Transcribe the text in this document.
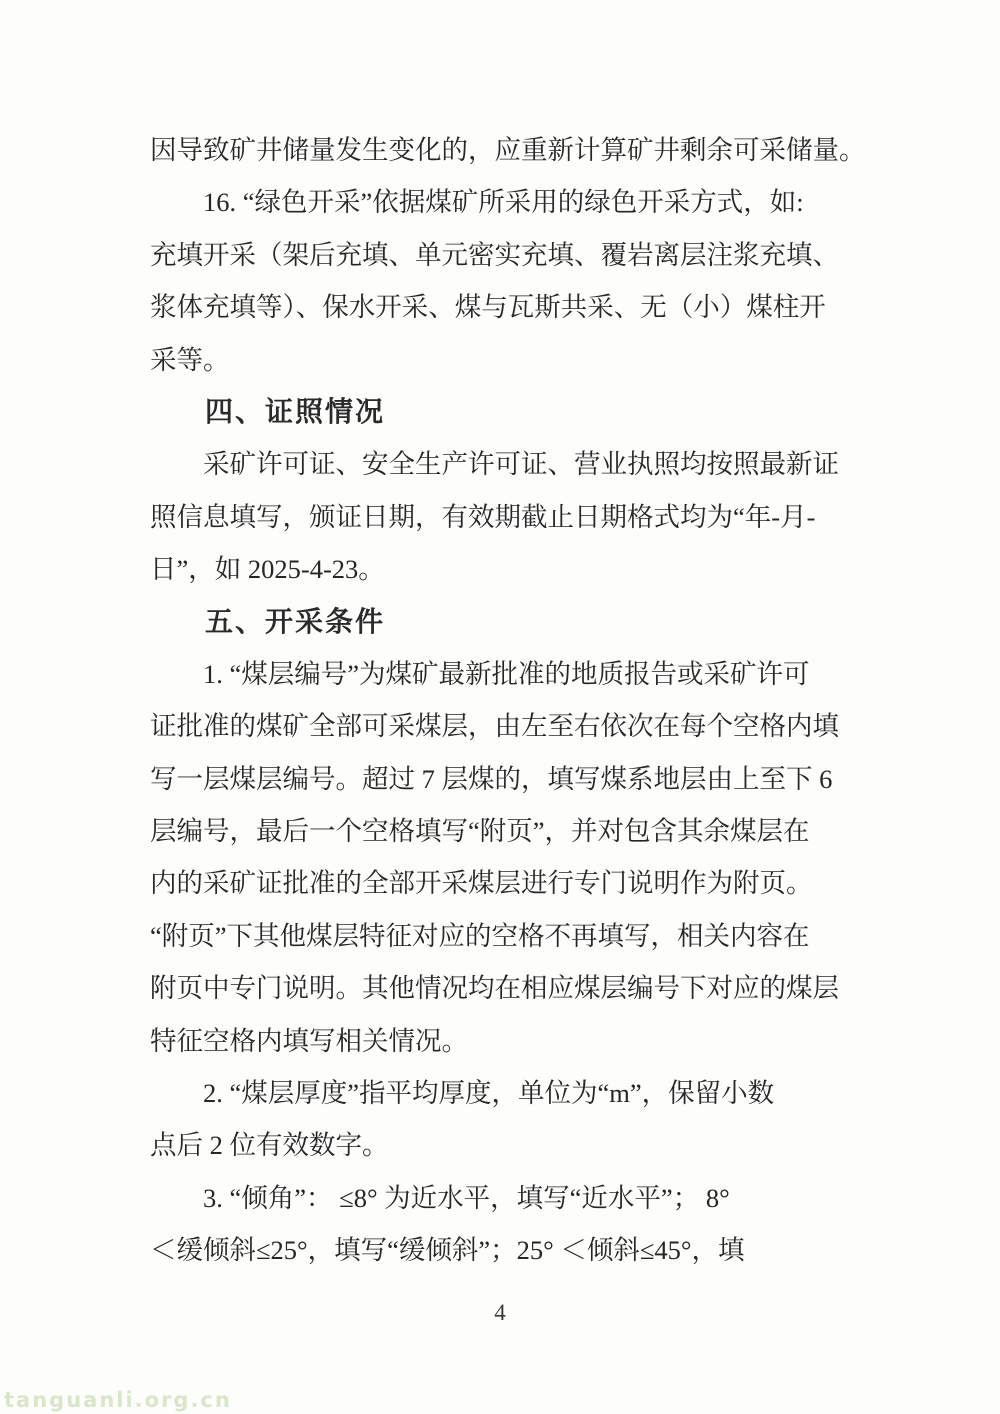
因导致矿井储量发生变化的，应重新计算矿井剩余可采储量。
16. “绿色开采”依据煤矿所采用的绿色开采方式，如:
充填开采（架后充填、单元密实充填、覆岩离层注浆充填、
浆体充填等）、保水开采、煤与瓦斯共采、无（小）煤柱开
采等。
四、证照情况
采矿许可证、安全生产许可证、营业执照均按照最新证
照信息填写，颁证日期，有效期截止日期格式均为“年-月-
日”，如 2025-4-23。
五、开采条件
1. “煤层编号”为煤矿最新批准的地质报告或采矿许可
证批准的煤矿全部可采煤层，由左至右依次在每个空格内填
写一层煤层编号。超过 7 层煤的，填写煤系地层由上至下 6
层编号，最后一个空格填写“附页”，并对包含其余煤层在
内的采矿证批准的全部开采煤层进行专门说明作为附页。
“附页”下其他煤层特征对应的空格不再填写，相关内容在
附页中专门说明。其他情况均在相应煤层编号下对应的煤层
特征空格内填写相关情况。
2. “煤层厚度”指平均厚度，单位为“m”，保留小数
点后 2 位有效数字。
3. “倾角”： ≤8° 为近水平，填写“近水平”； 8°
＜缓倾斜≤25°，填写“缓倾斜”；25° ＜倾斜≤45°，填
4
tanguanli.org.cn
